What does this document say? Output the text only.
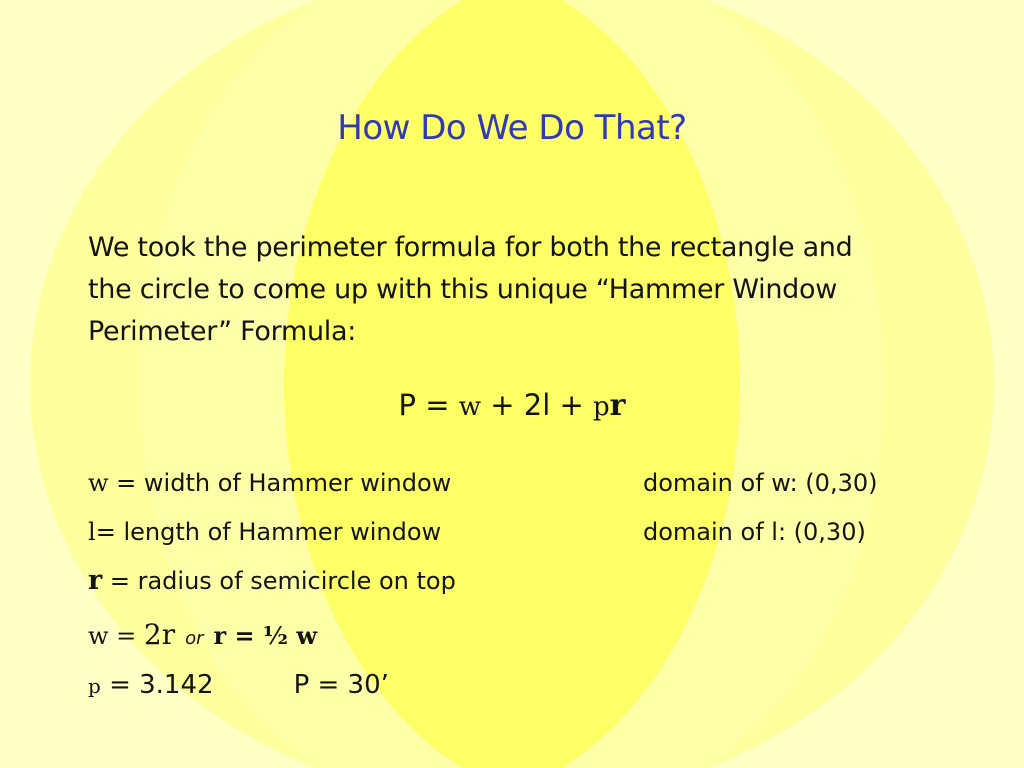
How Do We Do That?
We took the perimeter formula for both the rectangle and
the circle to come up with this unique “Hammer Window
Perimeter” Formula:
P = w + 2l + pr
w = width of Hammer window	domain of w: (0,30)
l= length of Hammer window	domain of l: (0,30)
r = radius of semicircle on top
w = 2r or r = ½ w
p = 3.142	P = 30’
